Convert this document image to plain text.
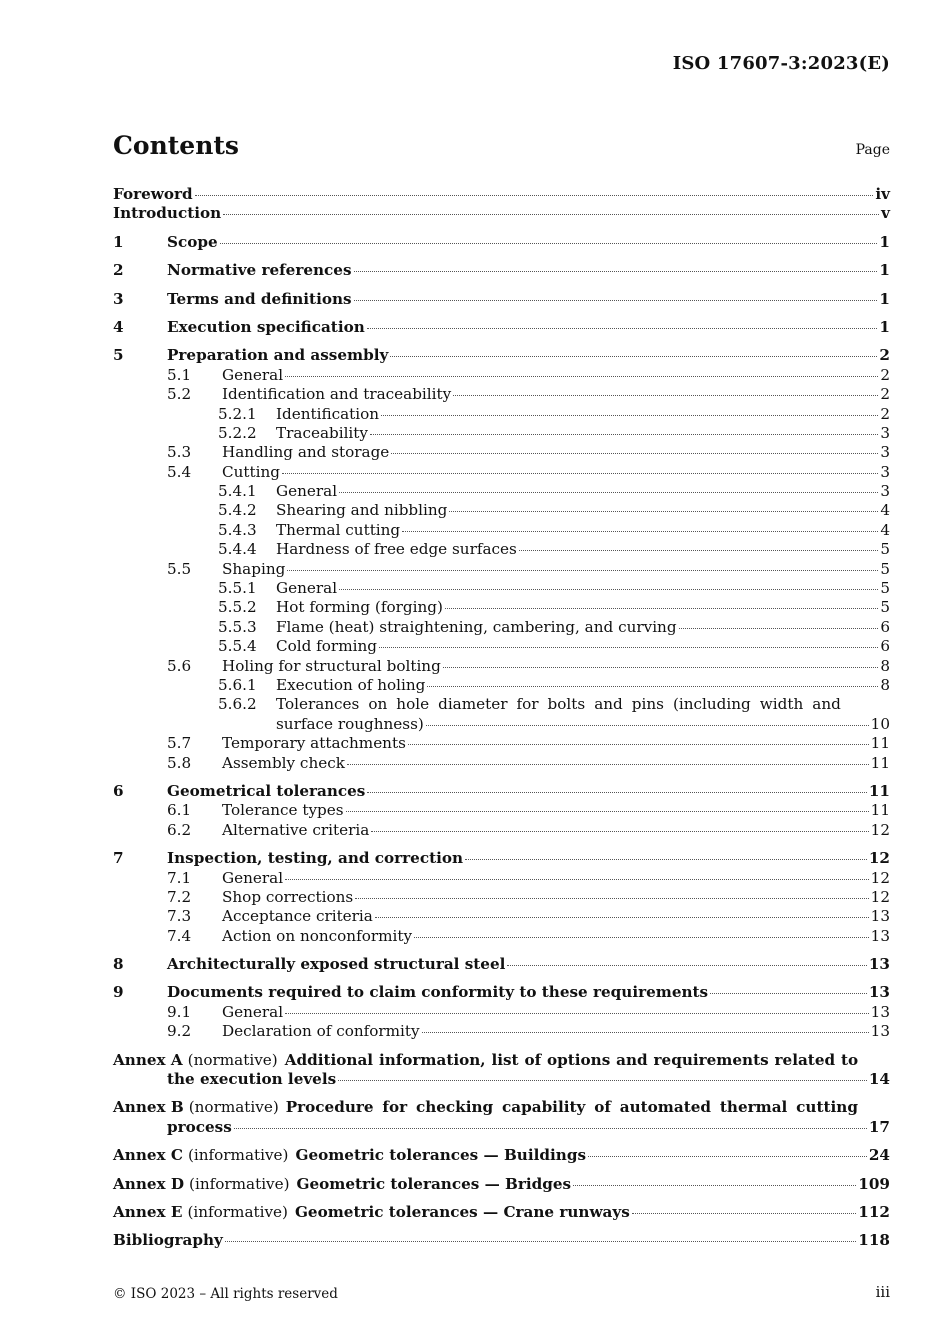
ISO 17607-3:2023(E)
Contents	Page
Foreword	iv
Introduction	v
1	Scope	1
2	Normative references	1
3	Terms and definitions	1
4	Execution specification	1
5	Preparation and assembly	2
5.1	General	2
5.2	Identification and traceability	2
5.2.1	Identification	2
5.2.2	Traceability	3
5.3	Handling and storage	3
5.4	Cutting	3
5.4.1	General	3
5.4.2	Shearing and nibbling	4
5.4.3	Thermal cutting	4
5.4.4	Hardness of free edge surfaces	5
5.5	Shaping	5
5.5.1	General	5
5.5.2	Hot forming (forging)	5
5.5.3	Flame (heat) straightening, cambering, and curving	6
5.5.4	Cold forming	6
5.6	Holing for structural bolting	8
5.6.1	Execution of holing	8
5.6.2	Tolerances on hole diameter for bolts and pins (including width and
surface roughness)	10
5.7	Temporary attachments	11
5.8	Assembly check	11
6	Geometrical tolerances	11
6.1	Tolerance types	11
6.2	Alternative criteria	12
7	Inspection, testing, and correction	12
7.1	General	12
7.2	Shop corrections	12
7.3	Acceptance criteria	13
7.4	Action on nonconformity	13
8	Architecturally exposed structural steel	13
9	Documents required to claim conformity to these requirements	13
9.1	General	13
9.2	Declaration of conformity	13
Annex A (normative) Additional information, list of options and requirements related to
the execution levels	14
Annex B (normative) Procedure for checking capability of automated thermal cutting
process	17
Annex C (informative) Geometric tolerances — Buildings	24
Annex D (informative) Geometric tolerances — Bridges	109
Annex E (informative) Geometric tolerances — Crane runways	112
Bibliography	118
© ISO 2023 – All rights reserved	iii
